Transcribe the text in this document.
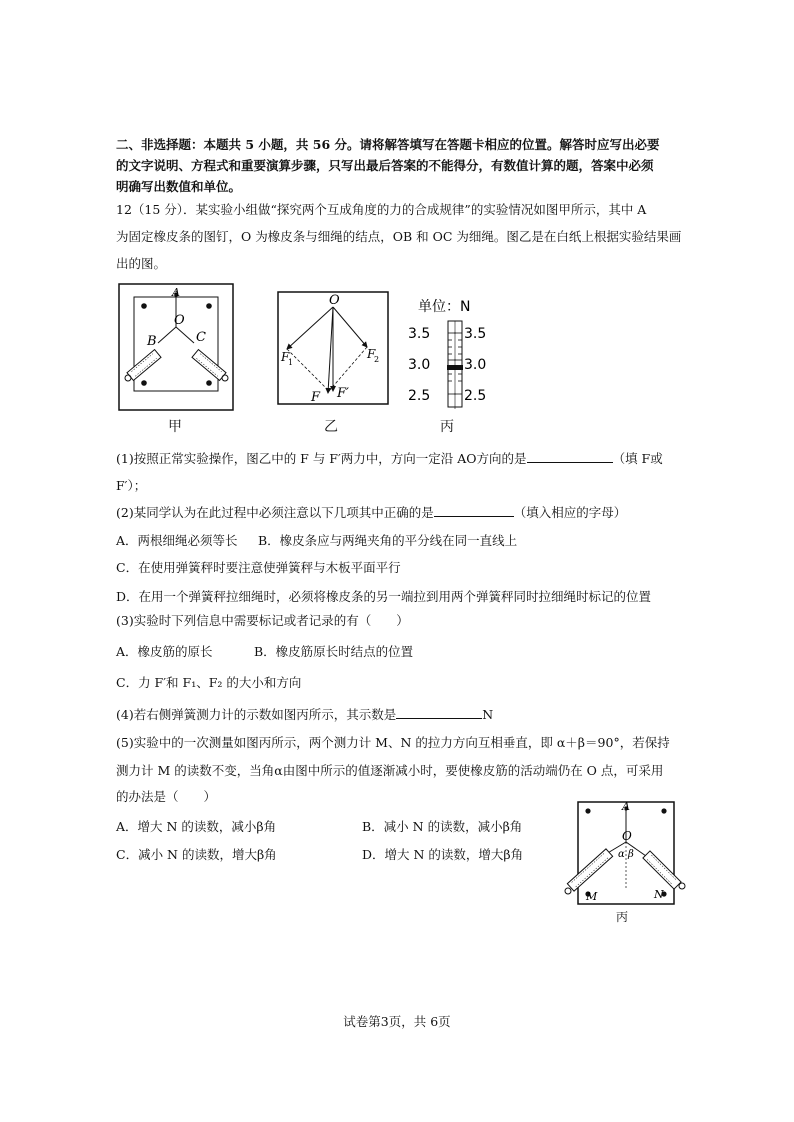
二、非选择题：本题共 5 小题，共 56 分。请将解答填写在答题卡相应的位置。解答时应写出必要
的文字说明、方程式和重要演算步骤，只写出最后答案的不能得分，有数值计算的题，答案中必须
明确写出数值和单位。
12（15 分）．某实验小组做“探究两个互成角度的力的合成规律”的实验情况如图甲所示，其中 A
为固定橡皮条的图钉，O 为橡皮条与细绳的结点，OB 和 OC 为细绳。图乙是在白纸上根据实验结果画
出的图。
A
O
B	C
甲
O
F
1
F
2
F F′
乙
单位：N
3.5 3.5
3.0 3.0
2.5 2.5
丙
(1)按照正常实验操作，图乙中的 F 与 F′两力中，方向一定沿 AO方向的是	（填 F或
F′）；
(2)某同学认为在此过程中必须注意以下几项其中正确的是	（填入相应的字母）
A．两根细绳必须等长 B．橡皮条应与两绳夹角的平分线在同一直线上
C．在使用弹簧秤时要注意使弹簧秤与木板平面平行
D．在用一个弹簧秤拉细绳时，必须将橡皮条的另一端拉到用两个弹簧秤同时拉细绳时标记的位置
(3)实验时下列信息中需要标记或者记录的有（　　）
A．橡皮筋的原长	B．橡皮筋原长时结点的位置
C．力 F′和 F₁、F₂ 的大小和方向
(4)若右侧弹簧测力计的示数如图丙所示，其示数是	N
(5)实验中的一次测量如图丙所示，两个测力计 M、N 的拉力方向互相垂直，即 α＋β＝90°，若保持
测力计 M 的读数不变，当角α由图中所示的值逐渐减小时，要使橡皮筋的活动端仍在 O 点，可采用
的办法是（　　）
A．增大 N 的读数，减小β角	B．减小 N 的读数，减小β角
C．减小 N 的读数，增大β角	D．增大 N 的读数，增大β角
A
O
α β
M	N
丙
试卷第3页，共 6页
